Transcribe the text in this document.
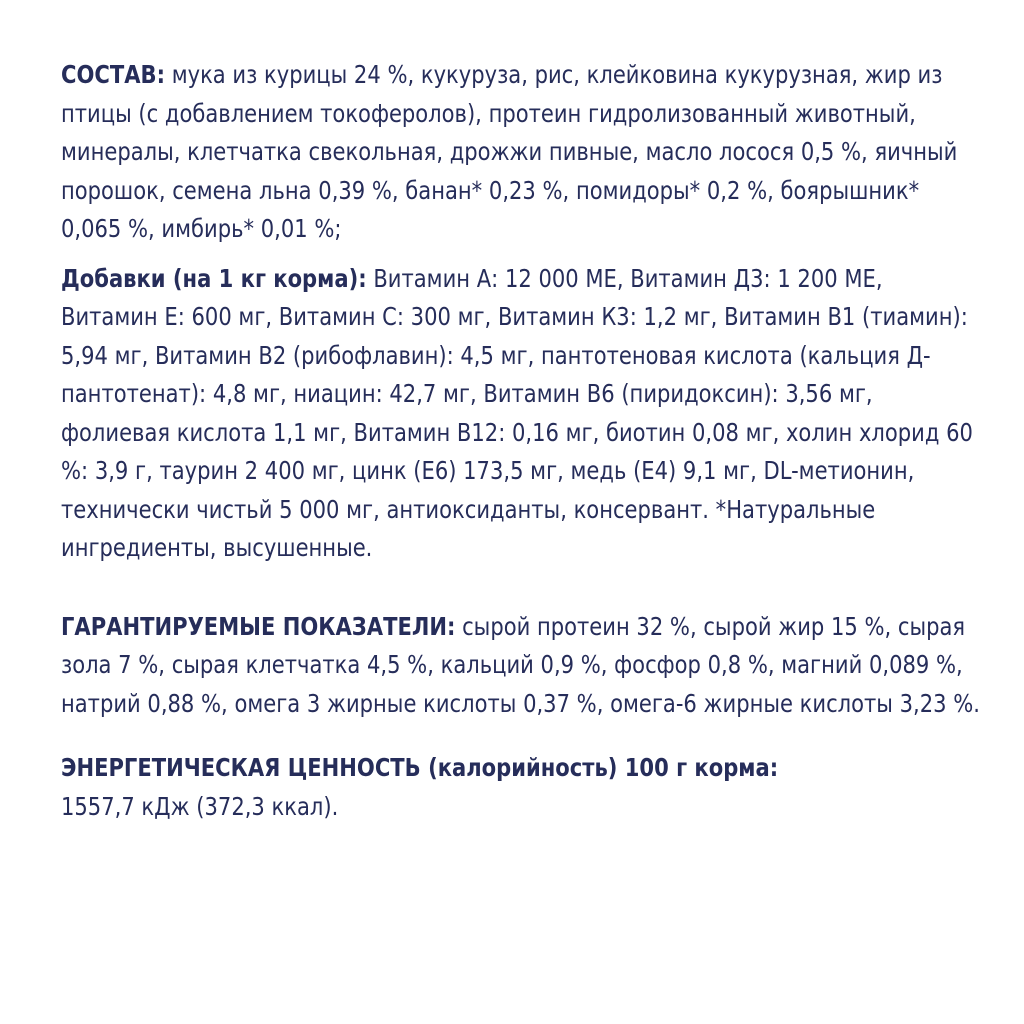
СОСТАВ: мука из курицы 24 %, кукуруза, рис, клейковина кукурузная, жир из птицы (с добавлением токоферолов), протеин гидролизованный животный, минералы, клетчатка свекольная, дрожжи пивные, масло лосося 0,5 %, яичный порошок, семена льна 0,39 %, банан* 0,23 %, помидоры* 0,2 %, боярышник* 0,065 %, имбирь* 0,01 %;

Добавки (на 1 кг корма): Витамин А: 12 000 МЕ, Витамин Д3: 1 200 МЕ, Витамин Е: 600 мг, Витамин С: 300 мг, Витамин К3: 1,2 мг, Витамин В1 (тиамин): 5,94 мг, Витамин В2 (рибофлавин): 4,5 мг, пантотеновая кислота (кальция Д-пантотенат): 4,8 мг, ниацин: 42,7 мг, Витамин В6 (пиридоксин): 3,56 мг, фолиевая кислота 1,1 мг, Витамин В12: 0,16 мг, биотин 0,08 мг, холин хлорид 60 %: 3,9 г, таурин 2 400 мг, цинк (Е6) 173,5 мг, медь (Е4) 9,1 мг, DL-метионин, технически чистьй 5 000 мг, антиоксиданты, консервант. *Натуральные ингредиенты, высушенные.

ГАРАНТИРУЕМЫЕ ПОКАЗАТЕЛИ: сырой протеин 32 %, сырой жир 15 %, сырая зола 7 %, сырая клетчатка 4,5 %, кальций 0,9 %, фосфор 0,8 %, магний 0,089 %, натрий 0,88 %, омега 3 жирные кислоты 0,37 %, омега-6 жирные кислоты 3,23 %.

ЭНЕРГЕТИЧЕСКАЯ ЦЕННОСТЬ (калорийность) 100 г корма:
1557,7 кДж (372,3 ккал).
